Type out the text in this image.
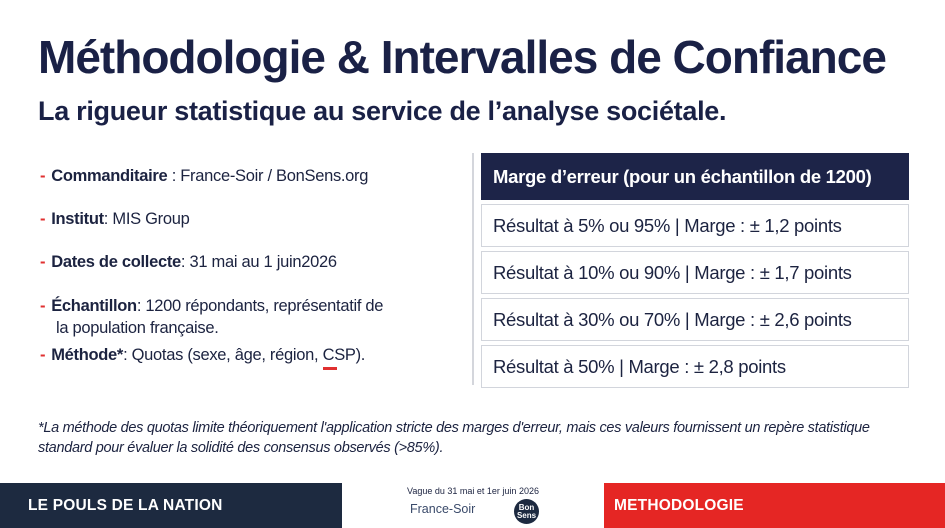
Méthodologie & Intervalles de Confiance
La rigueur statistique au service de l’analyse sociétale.
- Commanditaire : France-Soir / BonSens.org
- Institut: MIS Group
- Dates de collecte: 31 mai au 1 juin2026
- Échantillon: 1200 répondants, représentatif de
la population française.
- Méthode*: Quotas (sexe, âge, région, CSP).
Marge d’erreur (pour un échantillon de 1200)
Résultat à 5% ou 95% | Marge : ± 1,2 points
Résultat à 10% ou 90% | Marge : ± 1,7 points
Résultat à 30% ou 70% | Marge : ± 2,6 points
Résultat à 50% | Marge : ± 2,8 points
*La méthode des quotas limite théoriquement l'application stricte des marges d'erreur, mais ces valeurs fournissent un repère statistique standard pour évaluer la solidité des consensus observés (>85%).
LE POULS DE LA NATION
Vague du 31 mai et 1er juin 2026
France-Soir	Bon
Sens
METHODOLOGIE
